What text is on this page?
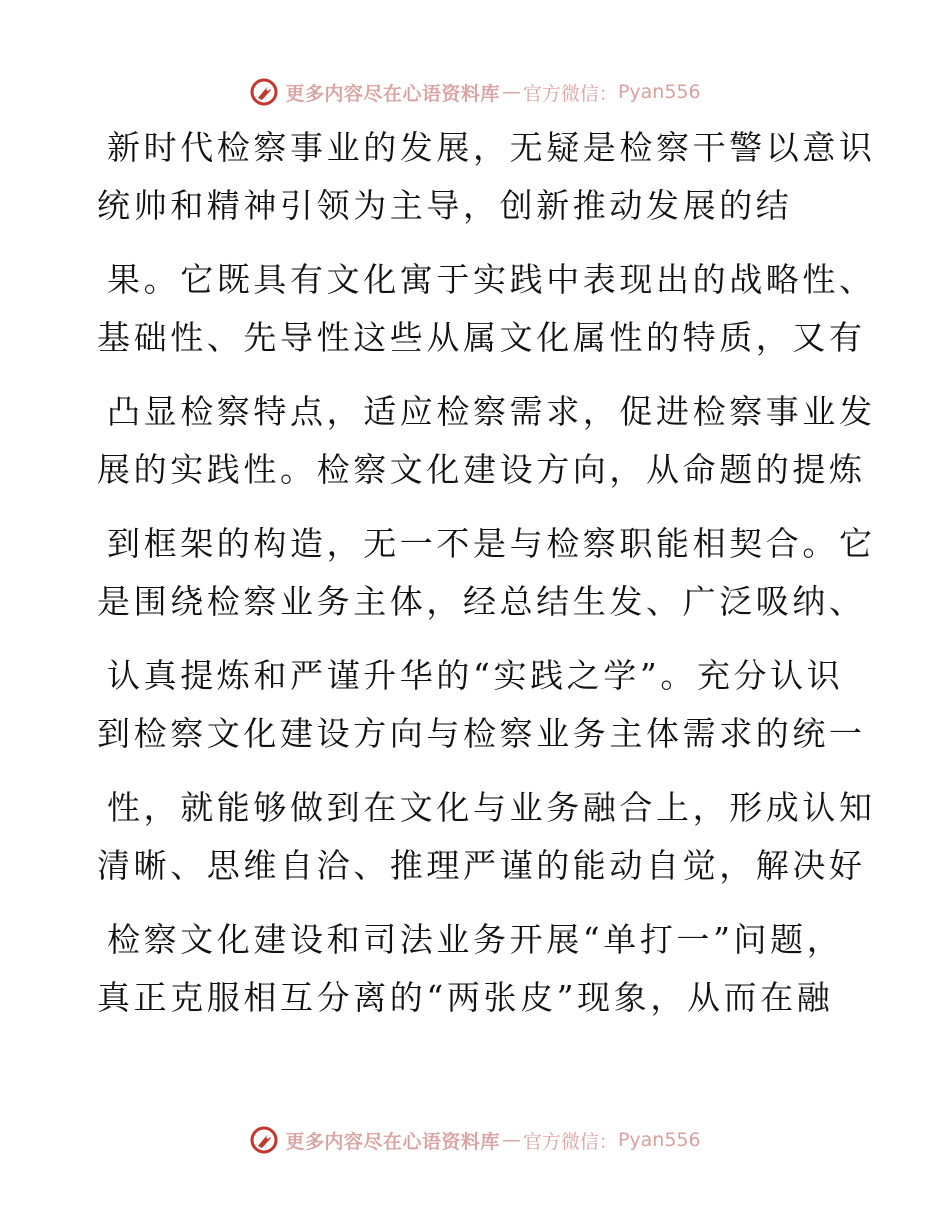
更多内容尽在心语资料库 — 官方微信： Pyan556
新时代检察事业的发展，无疑是检察干警以意识
统帅和精神引领为主导，创新推动发展的结
果。它既具有文化寓于实践中表现出的战略性、
基础性、先导性这些从属文化属性的特质，又有
凸显检察特点，适应检察需求，促进检察事业发
展的实践性。检察文化建设方向，从命题的提炼
到框架的构造，无一不是与检察职能相契合。它
是围绕检察业务主体，经总结生发、广泛吸纳、
认真提炼和严谨升华的“实践之学”。充分认识
到检察文化建设方向与检察业务主体需求的统一
性，就能够做到在文化与业务融合上，形成认知
清晰、思维自洽、推理严谨的能动自觉，解决好
检察文化建设和司法业务开展“单打一”问题，
真正克服相互分离的“两张皮”现象，从而在融
更多内容尽在心语资料库 — 官方微信： Pyan556
